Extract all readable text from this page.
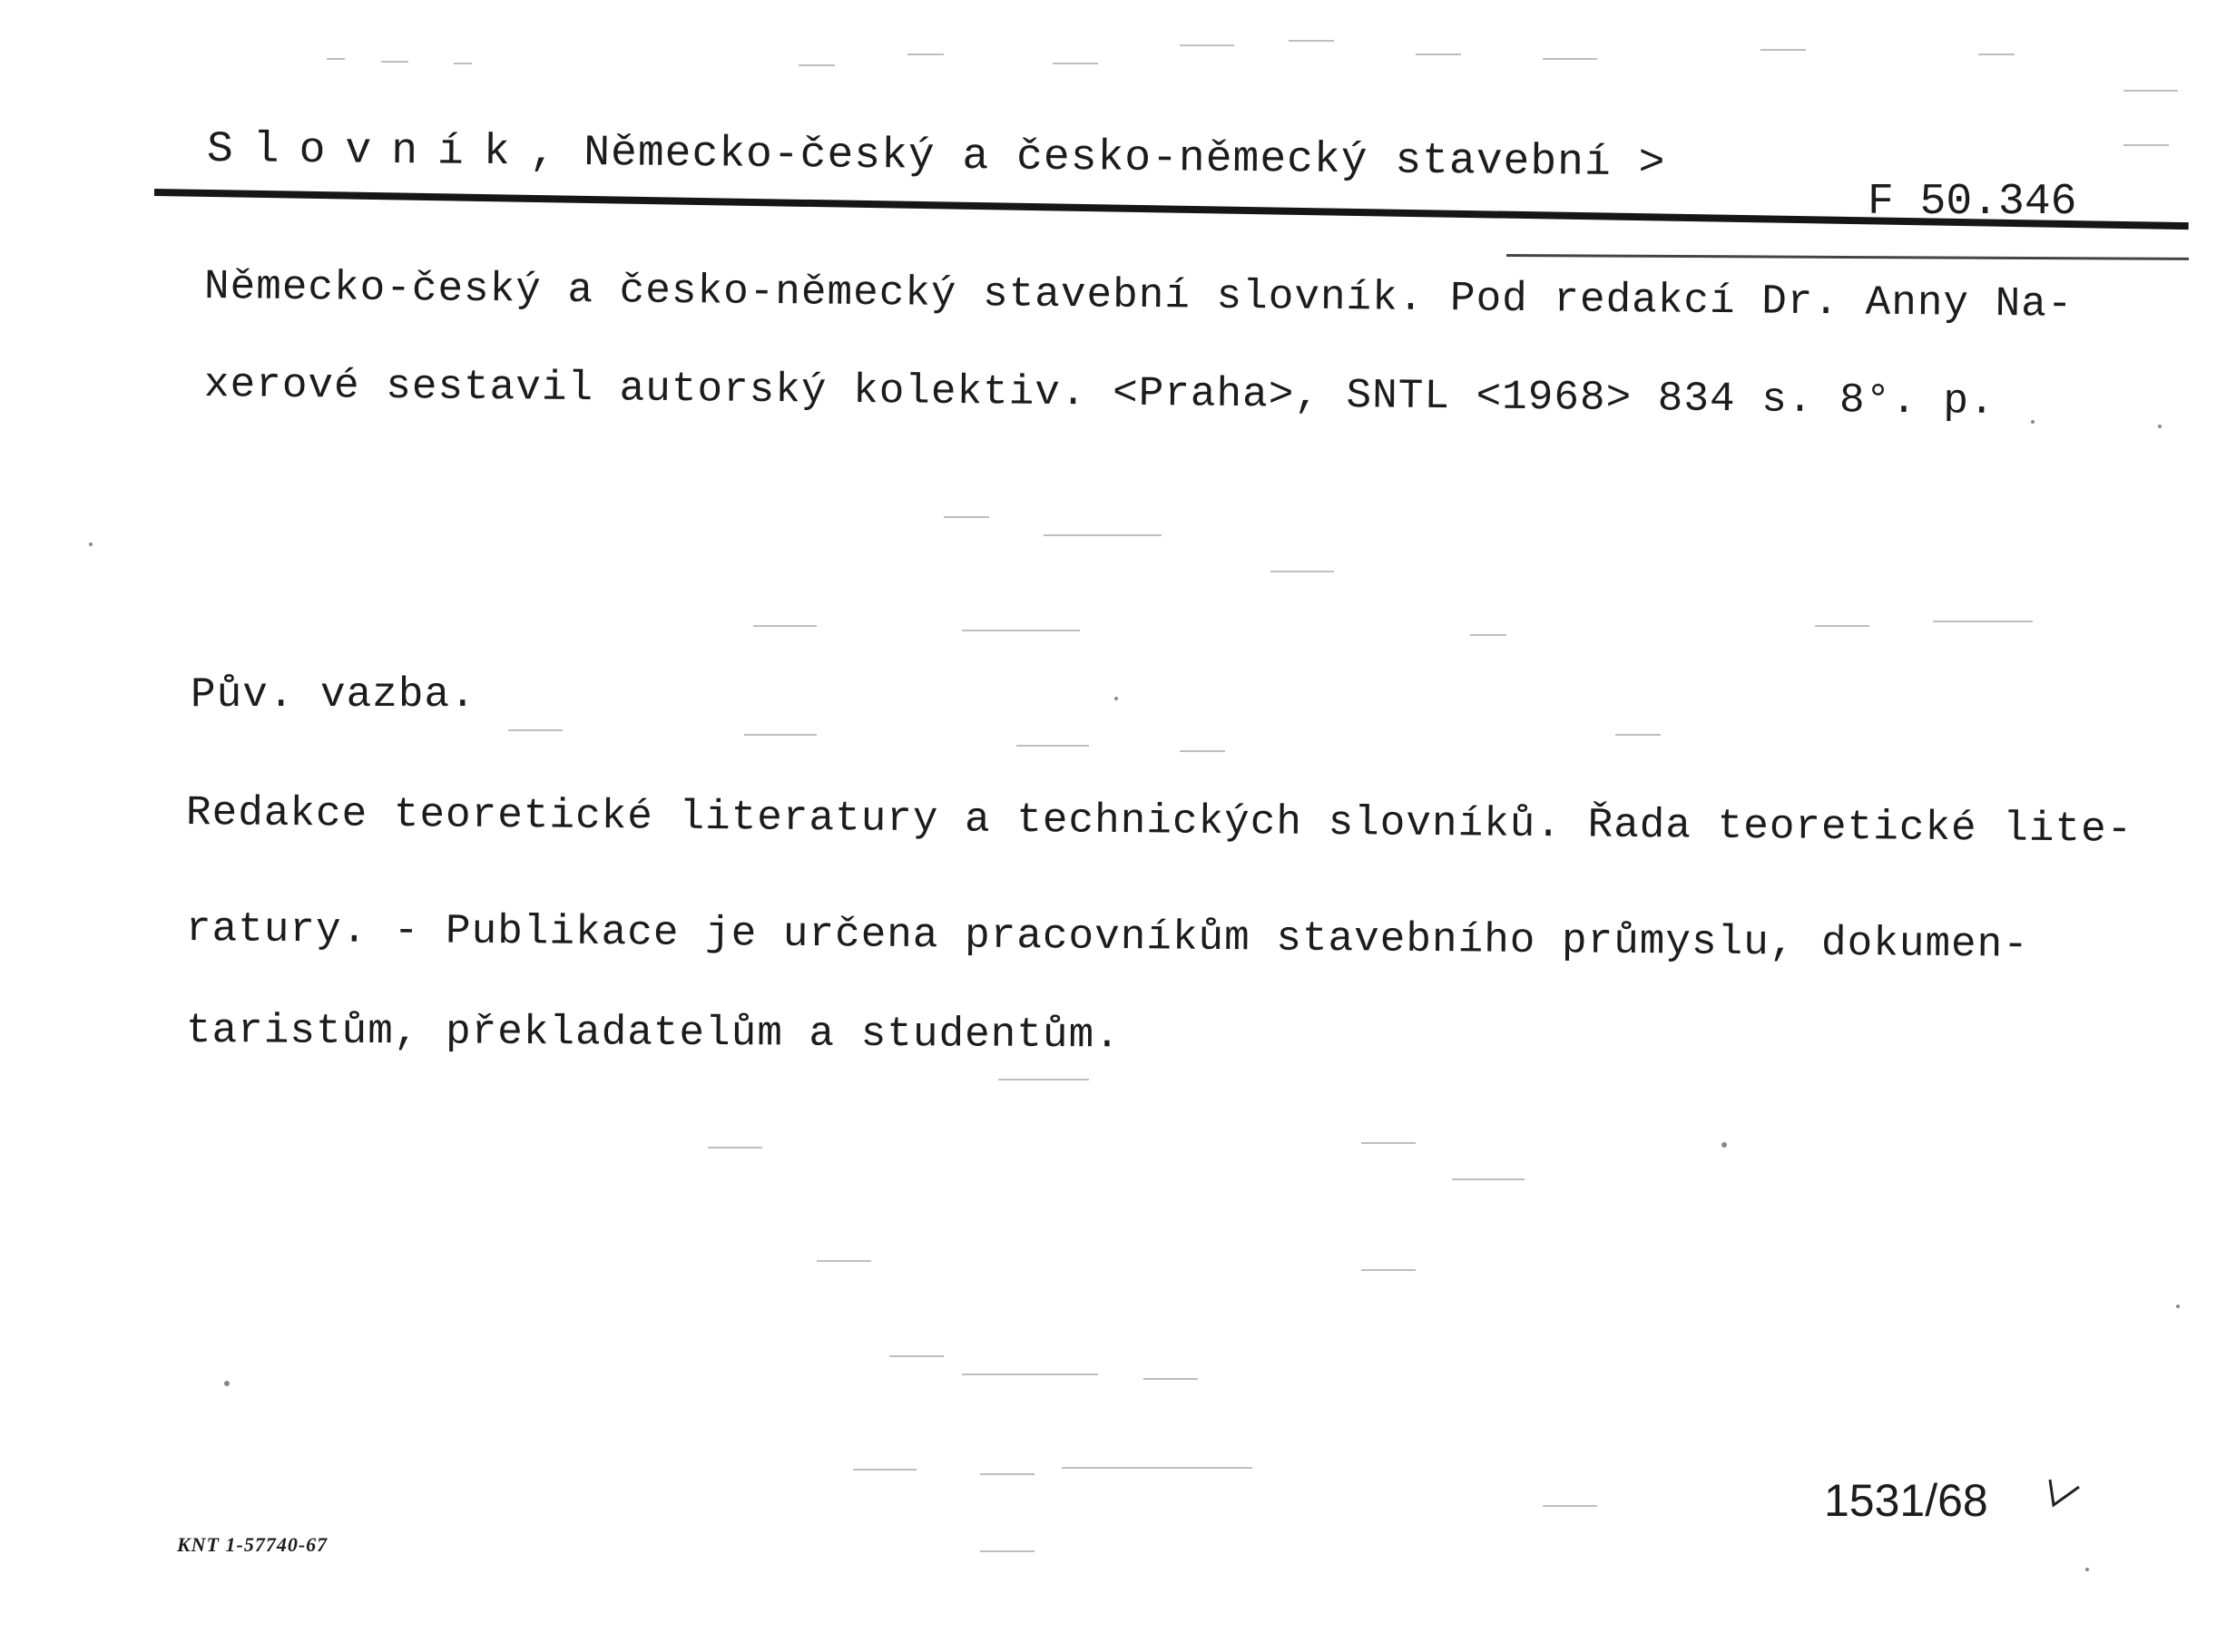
Slovník, Německo-český a česko-německý stavební >
F 50.346
Německo-český a česko-německý stavební slovník. Pod redakcí Dr. Anny Na-
xerové sestavil autorský kolektiv. <Praha>, SNTL <1968> 834 s. 8°. p.
Pův. vazba.
Redakce teoretické literatury a technických slovníků. Řada teoretické lite-
ratury. - Publikace je určena pracovníkům stavebního průmyslu, dokumen-
taristům, překladatelům a studentům.
1531/68
KNT 1-57740-67
